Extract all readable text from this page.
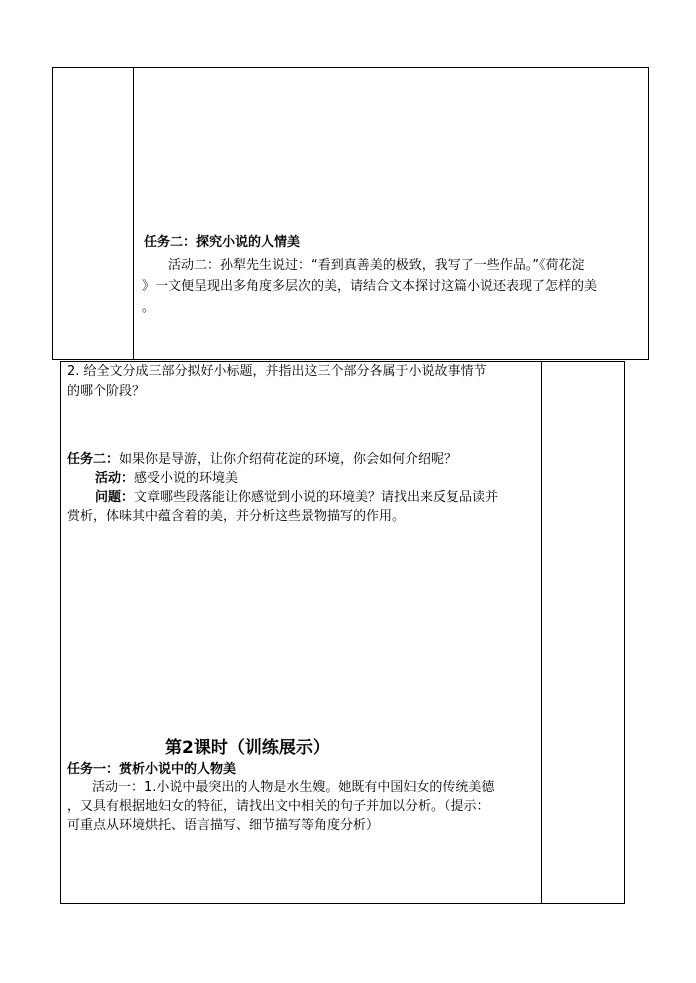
任务二：探究小说的人情美
活动二：孙犁先生说过：“看到真善美的极致，我写了一些作品。”《荷花淀
》一文便呈现出多角度多层次的美，请结合文本探讨这篇小说还表现了怎样的美
。
2. 给全文分成三部分拟好小标题，并指出这三个部分各属于小说故事情节
的哪个阶段？
任务二：如果你是导游，让你介绍荷花淀的环境，你会如何介绍呢？
活动：感受小说的环境美
问题：文章哪些段落能让你感觉到小说的环境美？请找出来反复品读并
赏析，体味其中蕴含着的美，并分析这些景物描写的作用。
第2课时（训练展示）
任务一：赏析小说中的人物美
活动一：1.小说中最突出的人物是水生嫂。她既有中国妇女的传统美德
，又具有根据地妇女的特征，请找出文中相关的句子并加以分析。（提示：
可重点从环境烘托、语言描写、细节描写等角度分析）
